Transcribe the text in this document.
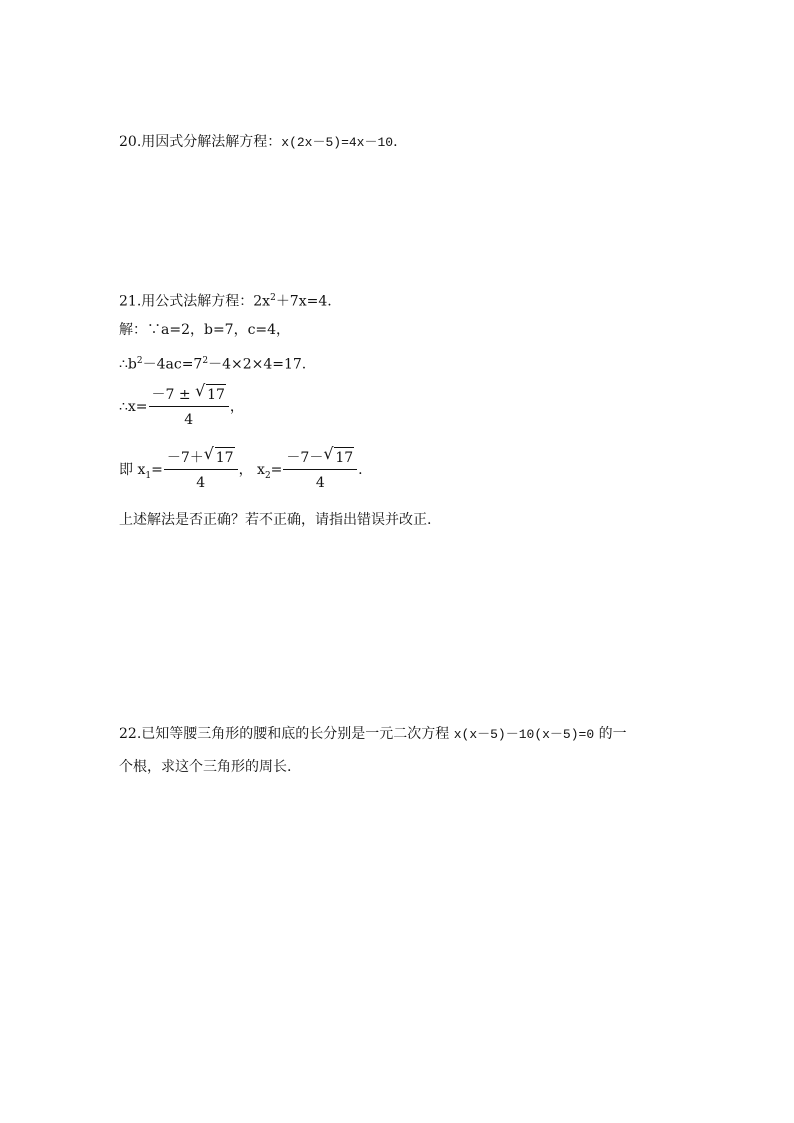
20.用因式分解法解方程：x(2x－5)=4x－10.
21.用公式法解方程：$2x^2+7x=4$.
解：∵a=2，b=7，c=4，
$\therefore b^2-4ac=7^2-4\times 2\times 4=17$.
∴x= $\frac{-7 \pm √ 17}{4}$ ，
即 $x_1= \frac{-7+ √ 17}{4}$ ， $x_2= \frac{-7- √ 17}{4}$ .
上述解法是否正确？若不正确，请指出错误并改正.
22.已知等腰三角形的腰和底的长分别是一元二次方程 x(x－5)－10(x－5)=0 的一
个根，求这个三角形的周长.
